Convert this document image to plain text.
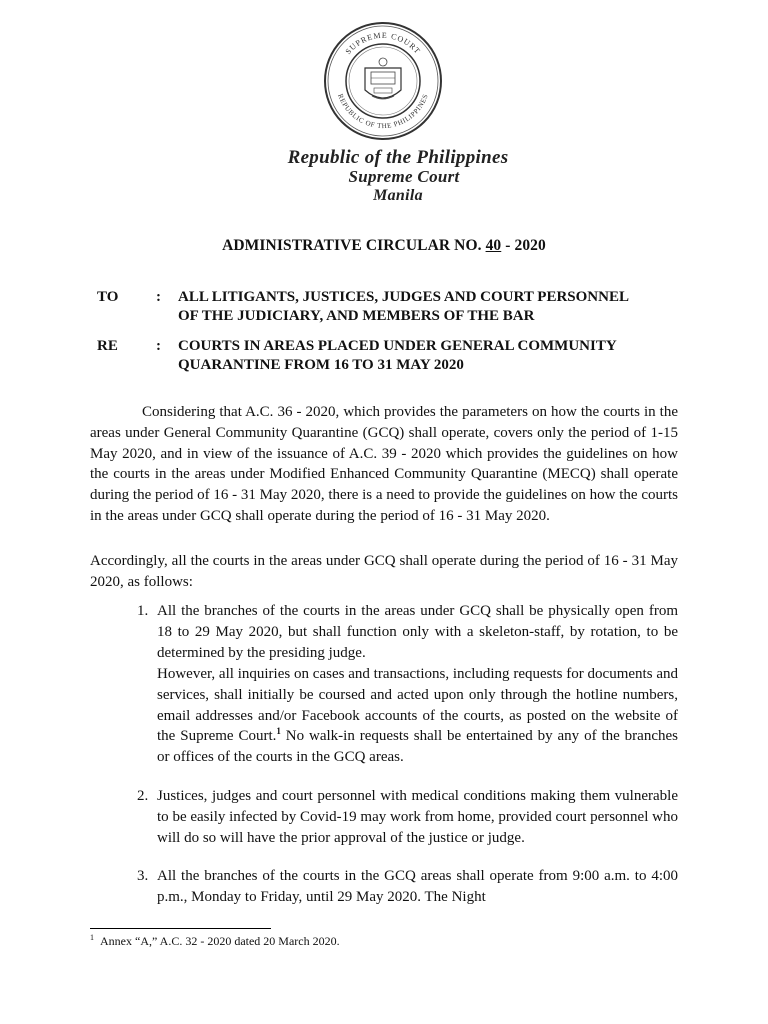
SUPREME COURT
REPUBLIC OF THE PHILIPPINES
Republic of the Philippines
Supreme Court
Manila
ADMINISTRATIVE CIRCULAR NO. 40 - 2020
TO	: ALL LITIGANTS, JUSTICES, JUDGES AND COURT PERSONNEL
OF THE JUDICIARY, AND MEMBERS OF THE BAR
RE	: COURTS IN AREAS PLACED UNDER GENERAL COMMUNITY
QUARANTINE FROM 16 TO 31 MAY 2020

Considering that A.C. 36 - 2020, which provides the parameters on how the courts in the areas under General Community Quarantine (GCQ) shall operate, covers only the period of 1-15 May 2020, and in view of the issuance of A.C. 39 - 2020 which provides the guidelines on how the courts in the areas under Modified Enhanced Community Quarantine (MECQ) shall operate during the period of 16 - 31 May 2020, there is a need to provide the guidelines on how the courts in the areas under GCQ shall operate during the period of 16 - 31 May 2020.

Accordingly, all the courts in the areas under GCQ shall operate during the period of 16 - 31 May 2020, as follows:

1. All the branches of the courts in the areas under GCQ shall be physically open from 18 to 29 May 2020, but shall function only with a skeleton-staff, by rotation, to be determined by the presiding judge.
However, all inquiries on cases and transactions, including requests for documents and services, shall initially be coursed and acted upon only through the hotline numbers, email addresses and/or Facebook accounts of the courts, as posted on the website of the Supreme Court.$^1$ No walk-in requests shall be entertained by any of the branches or offices of the courts in the GCQ areas.
2. Justices, judges and court personnel with medical conditions making them vulnerable to be easily infected by Covid-19 may work from home, provided court personnel who will do so will have the prior approval of the justice or judge.
3. All the branches of the courts in the GCQ areas shall operate from 9:00 a.m. to 4:00 p.m., Monday to Friday, until 29 May 2020. The Night
$^1$ Annex “A,” A.C. 32 - 2020 dated 20 March 2020.
